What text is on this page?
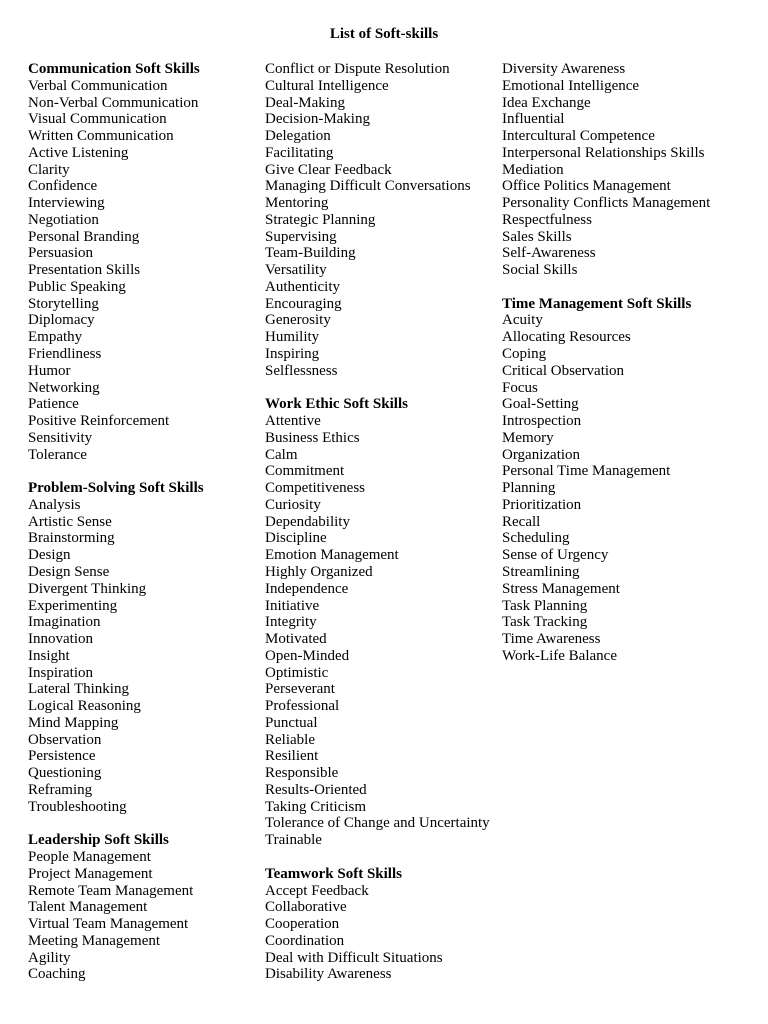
List of Soft-skills
Communication Soft Skills
Verbal Communication
Non-Verbal Communication
Visual Communication
Written Communication
Active Listening
Clarity
Confidence
Interviewing
Negotiation
Personal Branding
Persuasion
Presentation Skills
Public Speaking
Storytelling
Diplomacy
Empathy
Friendliness
Humor
Networking
Patience
Positive Reinforcement
Sensitivity
Tolerance
Problem-Solving Soft Skills
Analysis
Artistic Sense
Brainstorming
Design
Design Sense
Divergent Thinking
Experimenting
Imagination
Innovation
Insight
Inspiration
Lateral Thinking
Logical Reasoning
Mind Mapping
Observation
Persistence
Questioning
Reframing
Troubleshooting
Leadership Soft Skills
People Management
Project Management
Remote Team Management
Talent Management
Virtual Team Management
Meeting Management
Agility
Coaching
Conflict or Dispute Resolution
Cultural Intelligence
Deal-Making
Decision-Making
Delegation
Facilitating
Give Clear Feedback
Managing Difficult Conversations
Mentoring
Strategic Planning
Supervising
Team-Building
Versatility
Authenticity
Encouraging
Generosity
Humility
Inspiring
Selflessness
Work Ethic Soft Skills
Attentive
Business Ethics
Calm
Commitment
Competitiveness
Curiosity
Dependability
Discipline
Emotion Management
Highly Organized
Independence
Initiative
Integrity
Motivated
Open-Minded
Optimistic
Perseverant
Professional
Punctual
Reliable
Resilient
Responsible
Results-Oriented
Taking Criticism
Tolerance of Change and Uncertainty
Trainable
Teamwork Soft Skills
Accept Feedback
Collaborative
Cooperation
Coordination
Deal with Difficult Situations
Disability Awareness
Diversity Awareness
Emotional Intelligence
Idea Exchange
Influential
Intercultural Competence
Interpersonal Relationships Skills
Mediation
Office Politics Management
Personality Conflicts Management
Respectfulness
Sales Skills
Self-Awareness
Social Skills
Time Management Soft Skills
Acuity
Allocating Resources
Coping
Critical Observation
Focus
Goal-Setting
Introspection
Memory
Organization
Personal Time Management
Planning
Prioritization
Recall
Scheduling
Sense of Urgency
Streamlining
Stress Management
Task Planning
Task Tracking
Time Awareness
Work-Life Balance
